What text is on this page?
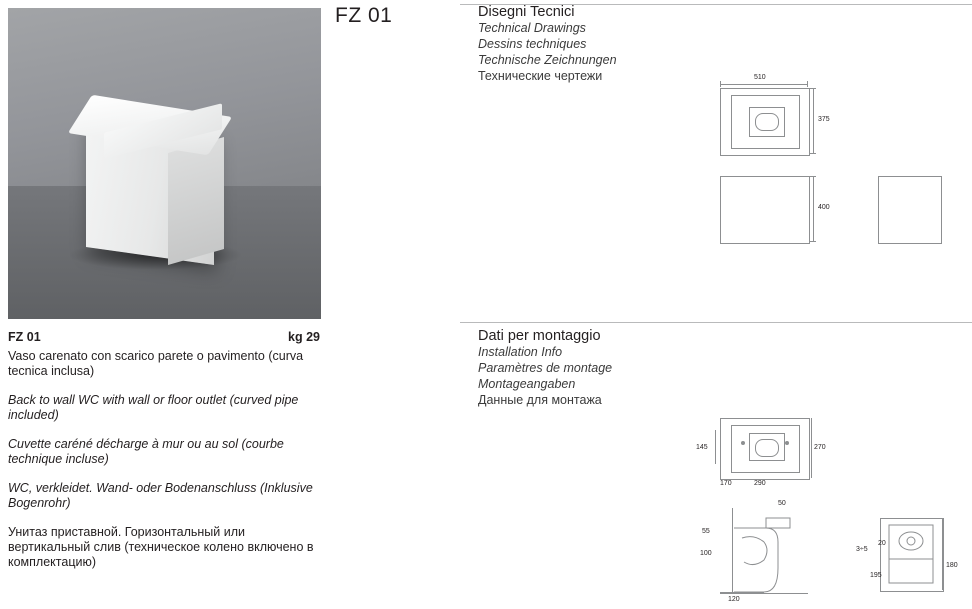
FZ 01
FZ 01	kg 29
Vaso carenato con scarico parete o pavimento (curva tecnica inclusa)
Back to wall WC with wall or floor outlet (curved pipe included)
Cuvette caréné décharge à mur ou au sol (courbe technique incluse)
WC, verkleidet. Wand- oder Bodenanschluss (Inklusive Bogenrohr)
Унитаз приставной. Горизонтальный или вертикальный слив (техническое колено включено в комплектацию)
Disegni Tecnici
Technical Drawings
Dessins techniques
Technische Zeichnungen
Технические чертежи	510
375
400
Dati per montaggio
Installation Info
Paramètres de montage
Montageangaben
Данные для монтажа
145	270
170	290
50
55
100
120
3÷5
20
195
180
